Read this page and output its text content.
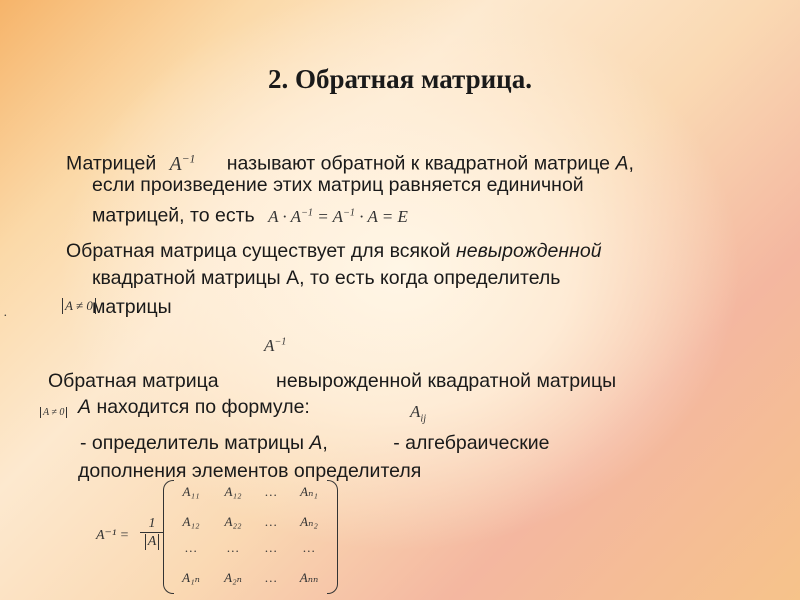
2. Обратная матрица.
Матрицей $A^{-1}$ называют обратной к квадратной матрице А,
если произведение этих матриц равняется единичной
матрицей, то есть $A \cdot A^{-1} = A^{-1} \cdot A = E$
Обратная матрица существует для всякой невырожденной
квадратной матрицы А, то есть когда определитель
матрицы
A ≠ 0
.
$A^{-1}$
Обратная матрица	невырожденной квадратной матрицы
А находится по формуле:
A ≠ 0	$A_{ij}$
- определитель матрицы А,	- алгебраические
дополнения элементов определителя
A⁻¹ =
1
A
A₁₁	A₁₂	…	Aₙ₁
A₁₂	A₂₂	…	Aₙ₂
…	…	…	…
A₁ₙ	A₂ₙ	…	Aₙₙ
